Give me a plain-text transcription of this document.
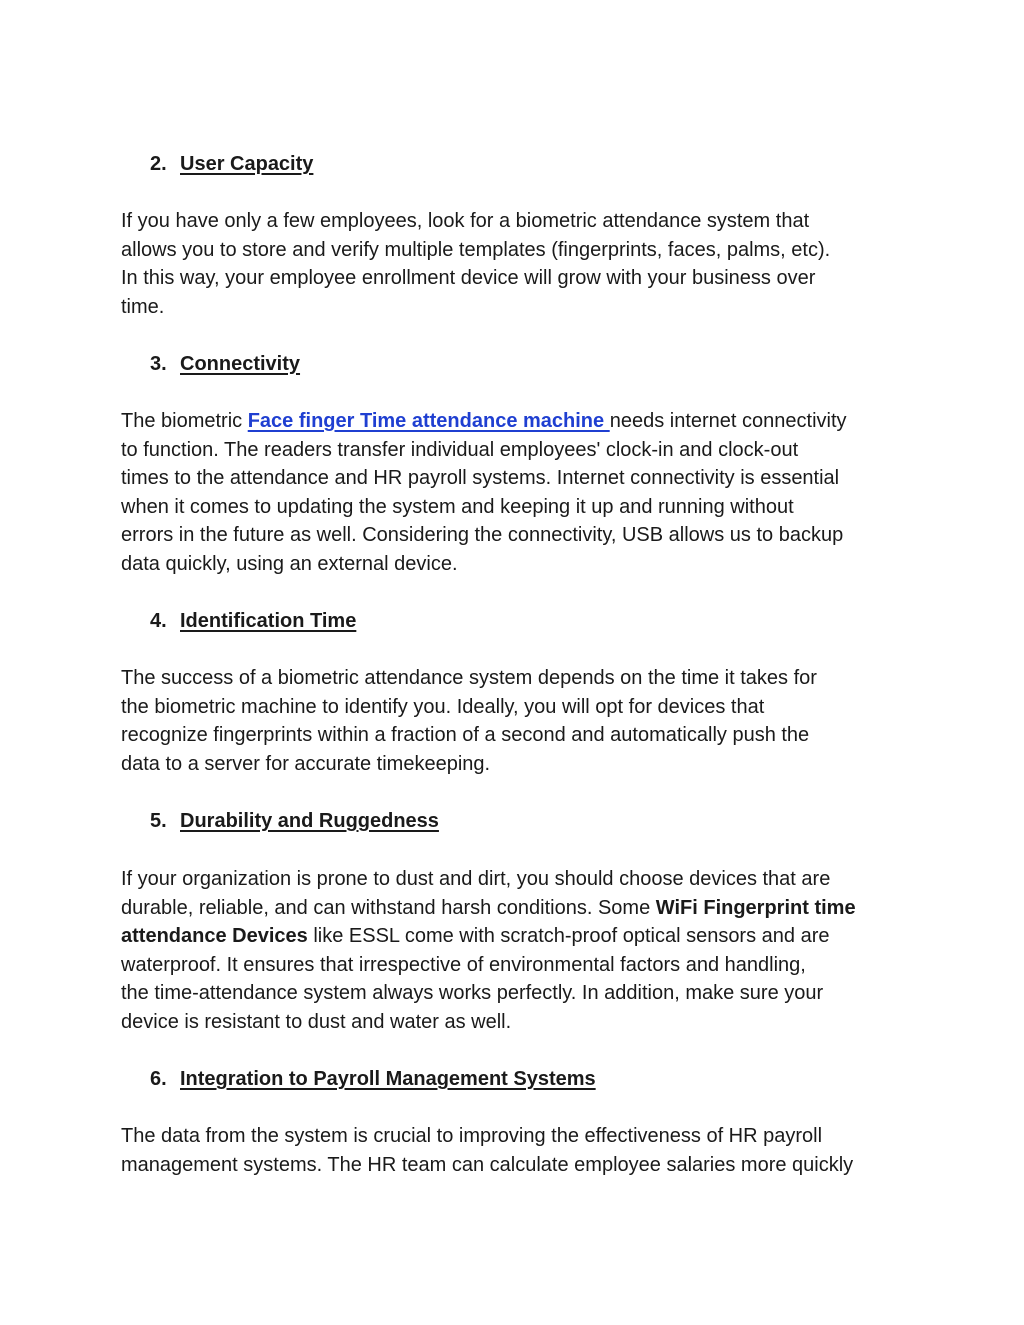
2. User Capacity
If you have only a few employees, look for a biometric attendance system that
allows you to store and verify multiple templates (fingerprints, faces, palms, etc).
In this way, your employee enrollment device will grow with your business over
time.
3. Connectivity
The biometric Face finger Time attendance machine needs internet connectivity
to function. The readers transfer individual employees' clock-in and clock-out
times to the attendance and HR payroll systems. Internet connectivity is essential
when it comes to updating the system and keeping it up and running without
errors in the future as well. Considering the connectivity, USB allows us to backup
data quickly, using an external device.
4. Identification Time
The success of a biometric attendance system depends on the time it takes for
the biometric machine to identify you. Ideally, you will opt for devices that
recognize fingerprints within a fraction of a second and automatically push the
data to a server for accurate timekeeping.
5. Durability and Ruggedness
If your organization is prone to dust and dirt, you should choose devices that are
durable, reliable, and can withstand harsh conditions. Some WiFi Fingerprint time
attendance Devices like ESSL come with scratch-proof optical sensors and are
waterproof. It ensures that irrespective of environmental factors and handling,
the time-attendance system always works perfectly. In addition, make sure your
device is resistant to dust and water as well.
6. Integration to Payroll Management Systems
The data from the system is crucial to improving the effectiveness of HR payroll
management systems. The HR team can calculate employee salaries more quickly
